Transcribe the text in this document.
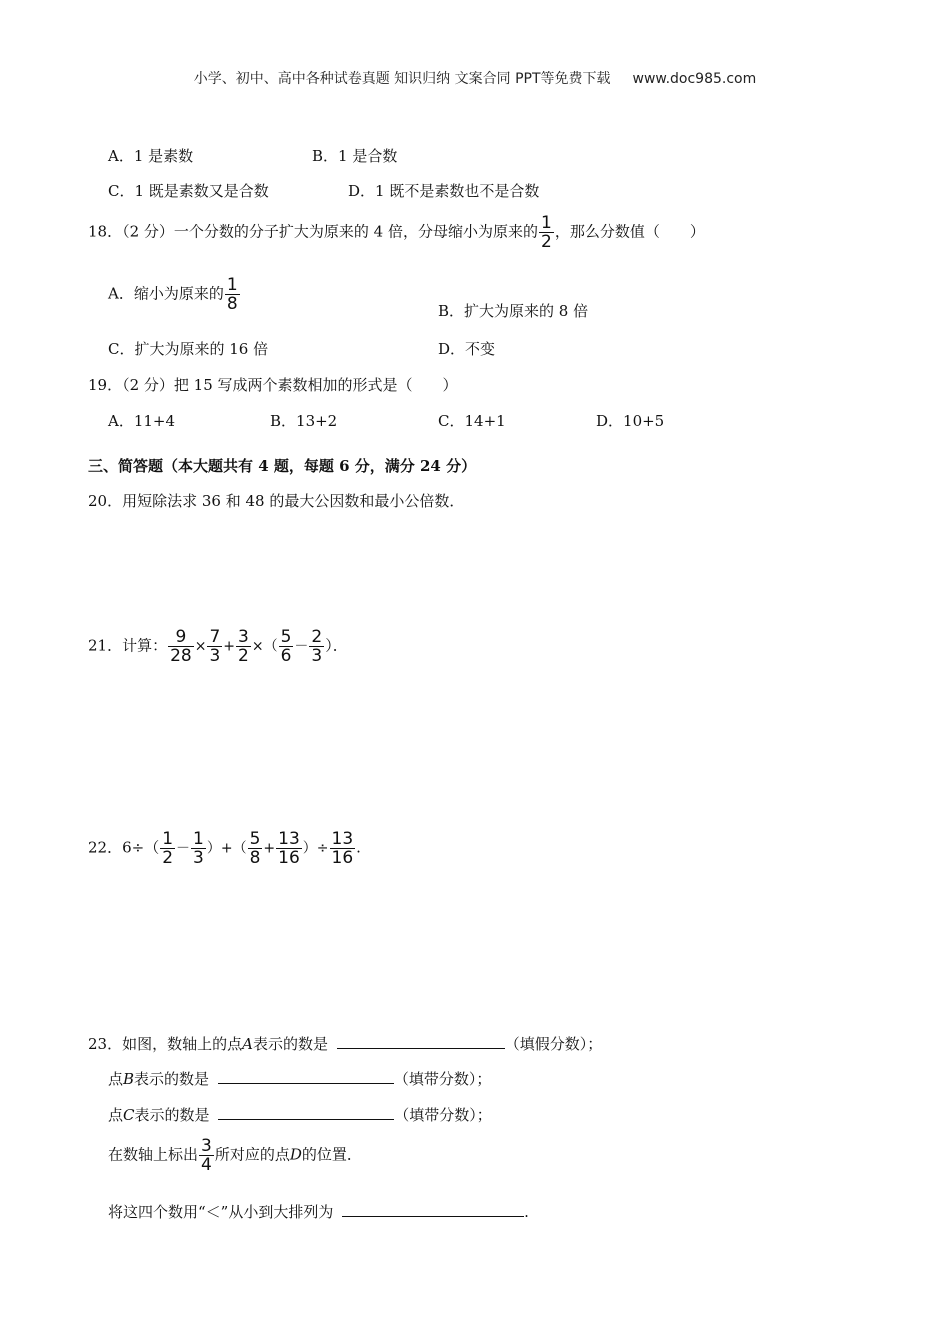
小学、初中、高中各种试卷真题 知识归纳 文案合同 PPT等免费下载 www.doc985.com
A．1 是素数	B．1 是合数
C．1 既是素数又是合数	D．1 既不是素数也不是合数
18．（2 分）一个分数的分子扩大为原来的 4 倍，分母缩小为原来的 $\frac{1}{2}$ ，那么分数值（　　）
A．缩小为原来的 $\frac{1}{8}$	B．扩大为原来的 8 倍
C．扩大为原来的 16 倍	D．不变
19．（2 分）把 15 写成两个素数相加的形式是（　　）
A．11+4	B．13+2	C．14+1	D．10+5
三、简答题（本大题共有 4 题，每题 6 分，满分 24 分）
20．用短除法求 36 和 48 的最大公因数和最小公倍数．
21．计算： $\frac{9}{28} \times \frac{7}{3} + \frac{3}{2}$ ×（ $\frac{5}{6} - \frac{2}{3}$ ）．
22．$6\div( \frac{1}{2} - \frac{1}{3}$ ）+（ $\frac{5}{8} + \frac{13}{16}$ ）÷ $\frac{13}{16}$ .
23．如图，数轴上的点A表示的数是	（填假分数）；
点B表示的数是	（填带分数）；
点C表示的数是	（填带分数）；
在数轴上标出 $\frac{3}{4}$ 所对应的点D的位置．
将这四个数用“＜”从小到大排列为	.
